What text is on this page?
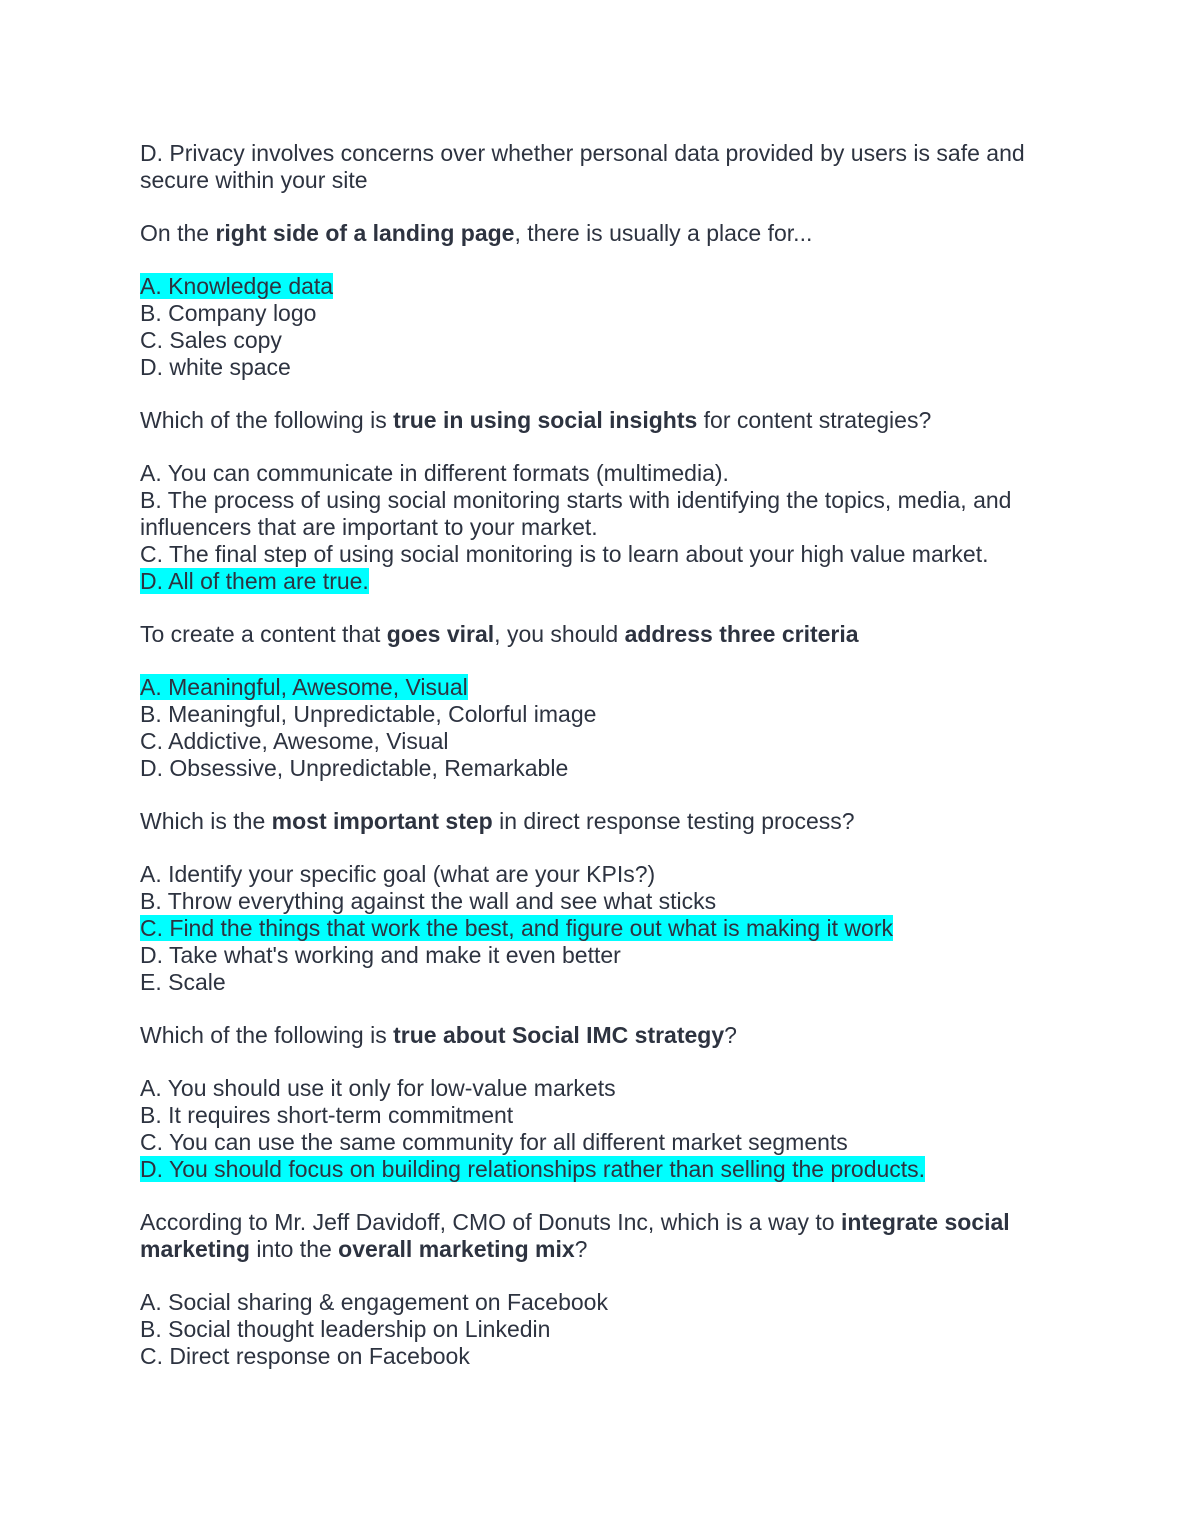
D. Privacy involves concerns over whether personal data provided by users is safe and secure within your site
On the right side of a landing page, there is usually a place for...
A. Knowledge data
B. Company logo
C. Sales copy
D. white space
Which of the following is true in using social insights for content strategies?
A. You can communicate in different formats (multimedia).
B. The process of using social monitoring starts with identifying the topics, media, and influencers that are important to your market.
C. The final step of using social monitoring is to learn about your high value market.
D. All of them are true.
To create a content that goes viral, you should address three criteria
A. Meaningful, Awesome, Visual
B. Meaningful, Unpredictable, Colorful image
C. Addictive, Awesome, Visual
D. Obsessive, Unpredictable, Remarkable
Which is the most important step in direct response testing process?
A. Identify your specific goal (what are your KPIs?)
B. Throw everything against the wall and see what sticks
C. Find the things that work the best, and figure out what is making it work
D. Take what's working and make it even better
E. Scale
Which of the following is true about Social IMC strategy?
A. You should use it only for low-value markets
B. It requires short-term commitment
C. You can use the same community for all different market segments
D. You should focus on building relationships rather than selling the products.
According to Mr. Jeff Davidoff, CMO of Donuts Inc, which is a way to integrate social marketing into the overall marketing mix?
A. Social sharing & engagement on Facebook
B. Social thought leadership on Linkedin
C. Direct response on Facebook
